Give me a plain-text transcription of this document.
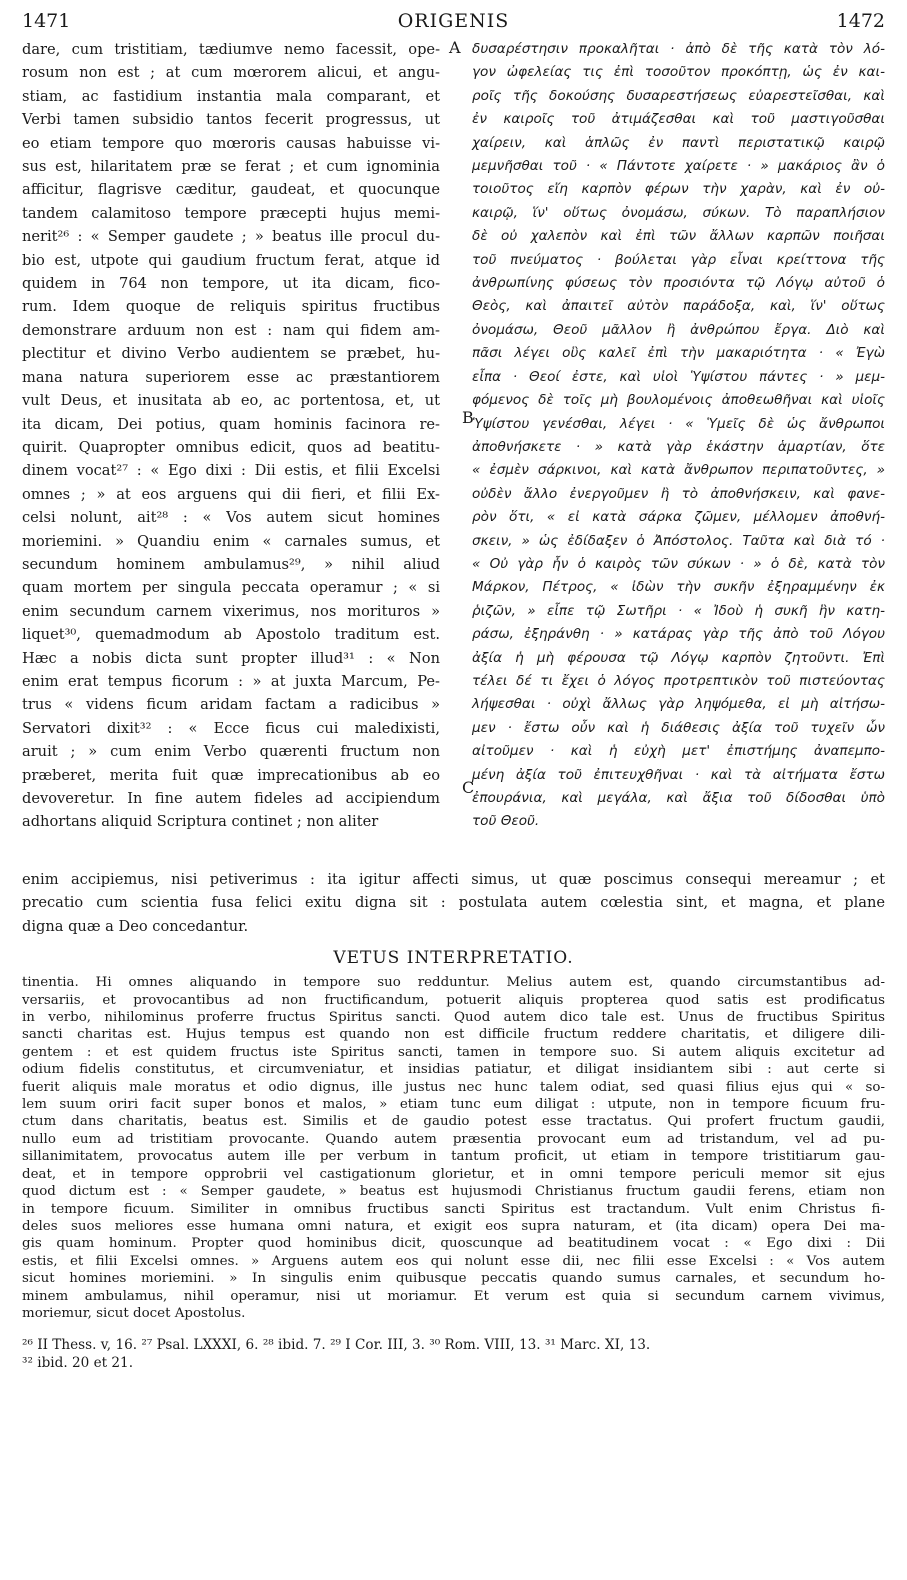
1471	ORIGENIS	1472
dare, cum tristitiam, tædiumve nemo facessit, ope-
rosum non est ; at cum mœrorem alicui, et angu-
stiam, ac fastidium instantia mala comparant, et
Verbi tamen subsidio tantos fecerit progressus, ut
eo etiam tempore quo mœroris causas habuisse vi-
sus est, hilaritatem præ se ferat ; et cum ignominia
afficitur, flagrisve cæditur, gaudeat, et quocunque
tandem calamitoso tempore præcepti hujus memi-
nerit²⁶ : « Semper gaudete ; » beatus ille procul du-
bio est, utpote qui gaudium fructum ferat, atque id
quidem in 764 non tempore, ut ita dicam, fico-
rum. Idem quoque de reliquis spiritus fructibus
demonstrare arduum non est : nam qui fidem am-
plectitur et divino Verbo audientem se præbet, hu-
mana natura superiorem esse ac præstantiorem
vult Deus, et inusitata ab eo, ac portentosa, et, ut
ita dicam, Dei potius, quam hominis facinora re-
quirit. Quapropter omnibus edicit, quos ad beatitu-
dinem vocat²⁷ : « Ego dixi : Dii estis, et filii Excelsi
omnes ; » at eos arguens qui dii fieri, et filii Ex-
celsi nolunt, ait²⁸ : « Vos autem sicut homines
moriemini. » Quandiu enim « carnales sumus, et
secundum hominem ambulamus²⁹, » nihil aliud
quam mortem per singula peccata operamur ; « si
enim secundum carnem vixerimus, nos morituros »
liquet³⁰, quemadmodum ab Apostolo traditum est.
Hæc a nobis dicta sunt propter illud³¹ : « Non
enim erat tempus ficorum : » at juxta Marcum, Pe-
trus « videns ficum aridam factam a radicibus »
Servatori dixit³² : « Ecce ficus cui maledixisti,
aruit ; » cum enim Verbo quærenti fructum non
præberet, merita fuit quæ imprecationibus ab eo
devoveretur. In fine autem fideles ad accipiendum
adhortans aliquid Scriptura continet ; non aliter
A
B
C
δυσαρέστησιν προκαλῆται · ἀπὸ δὲ τῆς κατὰ τὸν λό-
γον ὠφελείας τις ἐπὶ τοσοῦτον προκόπτῃ, ὡς ἐν και-
ροῖς τῆς δοκούσης δυσαρεστήσεως εὐαρεστεῖσθαι, καὶ
ἐν καιροῖς τοῦ ἀτιμάζεσθαι καὶ τοῦ μαστιγοῦσθαι
χαίρειν, καὶ ἁπλῶς ἐν παντὶ περιστατικῷ καιρῷ
μεμνῆσθαι τοῦ · « Πάντοτε χαίρετε · » μακάριος ἂν ὁ
τοιοῦτος εἴη καρπὸν φέρων τὴν χαρὰν, καὶ ἐν οὐ-
καιρῷ, ἵν' οὕτως ὀνομάσω, σύκων. Τὸ παραπλήσιον
δὲ οὐ χαλεπὸν καὶ ἐπὶ τῶν ἄλλων καρπῶν ποιῆσαι
τοῦ πνεύματος · βούλεται γὰρ εἶναι κρείττονα τῆς
ἀνθρωπίνης φύσεως τὸν προσιόντα τῷ Λόγῳ αὐτοῦ ὁ
Θεὸς, καὶ ἀπαιτεῖ αὐτὸν παράδοξα, καὶ, ἵν' οὕτως
ὀνομάσω, Θεοῦ μᾶλλον ἢ ἀνθρώπου ἔργα. Διὸ καὶ
πᾶσι λέγει οὓς καλεῖ ἐπὶ τὴν μακαριότητα · « Ἐγὼ
εἶπα · Θεοί ἐστε, καὶ υἱοὶ Ὑψίστου πάντες · » μεμ-
φόμενος δὲ τοῖς μὴ βουλομένοις ἀποθεωθῆναι καὶ υἱοῖς
Ὑψίστου γενέσθαι, λέγει · « Ὑμεῖς δὲ ὡς ἄνθρωποι
ἀποθνήσκετε · » κατὰ γὰρ ἑκάστην ἁμαρτίαν, ὅτε
« ἐσμὲν σάρκινοι, καὶ κατὰ ἄνθρωπον περιπατοῦντες, »
οὐδὲν ἄλλο ἐνεργοῦμεν ἢ τὸ ἀποθνήσκειν, καὶ φανε-
ρὸν ὅτι, « εἰ κατὰ σάρκα ζῶμεν, μέλλομεν ἀποθνή-
σκειν, » ὡς ἐδίδαξεν ὁ Ἀπόστολος. Ταῦτα καὶ διὰ τό ·
« Οὐ γὰρ ἦν ὁ καιρὸς τῶν σύκων · » ὁ δὲ, κατὰ τὸν
Μάρκον, Πέτρος, « ἰδὼν τὴν συκῆν ἐξηραμμένην ἐκ
ῥιζῶν, » εἶπε τῷ Σωτῆρι · « Ἰδοὺ ἡ συκῆ ἣν κατη-
ράσω, ἐξηράνθη · » κατάρας γὰρ τῆς ἀπὸ τοῦ Λόγου
ἀξία ἡ μὴ φέρουσα τῷ Λόγῳ καρπὸν ζητοῦντι. Ἐπὶ
τέλει δέ τι ἔχει ὁ λόγος προτρεπτικὸν τοῦ πιστεύοντας
λήψεσθαι · οὐχὶ ἄλλως γὰρ ληψόμεθα, εἰ μὴ αἰτήσω-
μεν · ἔστω οὖν καὶ ἡ διάθεσις ἀξία τοῦ τυχεῖν ὧν
αἰτοῦμεν · καὶ ἡ εὐχὴ μετ' ἐπιστήμης ἀναπεμπο-
μένη ἀξία τοῦ ἐπιτευχθῆναι · καὶ τὰ αἰτήματα ἔστω
ἐπουράνια, καὶ μεγάλα, καὶ ἄξια τοῦ δίδοσθαι ὑπὸ
τοῦ Θεοῦ.
enim accipiemus, nisi petiverimus : ita igitur affecti simus, ut quæ poscimus consequi mereamur ; et
precatio cum scientia fusa felici exitu digna sit : postulata autem cœlestia sint, et magna, et plane
digna quæ a Deo concedantur.
VETUS INTERPRETATIO.
tinentia. Hi omnes aliquando in tempore suo redduntur. Melius autem est, quando circumstantibus ad-
versariis, et provocantibus ad non fructificandum, potuerit aliquis propterea quod satis est prodificatus
in verbo, nihilominus proferre fructus Spiritus sancti. Quod autem dico tale est. Unus de fructibus Spiritus
sancti charitas est. Hujus tempus est quando non est difficile fructum reddere charitatis, et diligere dili-
gentem : et est quidem fructus iste Spiritus sancti, tamen in tempore suo. Si autem aliquis excitetur ad
odium fidelis constitutus, et circumveniatur, et insidias patiatur, et diligat insidiantem sibi : aut certe si
fuerit aliquis male moratus et odio dignus, ille justus nec hunc talem odiat, sed quasi filius ejus qui « so-
lem suum oriri facit super bonos et malos, » etiam tunc eum diligat : utpute, non in tempore ficuum fru-
ctum dans charitatis, beatus est. Similis et de gaudio potest esse tractatus. Qui profert fructum gaudii,
nullo eum ad tristitiam provocante. Quando autem præsentia provocant eum ad tristandum, vel ad pu-
sillanimitatem, provocatus autem ille per verbum in tantum proficit, ut etiam in tempore tristitiarum gau-
deat, et in tempore opprobrii vel castigationum glorietur, et in omni tempore periculi memor sit ejus
quod dictum est : « Semper gaudete, » beatus est hujusmodi Christianus fructum gaudii ferens, etiam non
in tempore ficuum. Similiter in omnibus fructibus sancti Spiritus est tractandum. Vult enim Christus fi-
deles suos meliores esse humana omni natura, et exigit eos supra naturam, et (ita dicam) opera Dei ma-
gis quam hominum. Propter quod hominibus dicit, quoscunque ad beatitudinem vocat : « Ego dixi : Dii
estis, et filii Excelsi omnes. » Arguens autem eos qui nolunt esse dii, nec filii esse Excelsi : « Vos autem
sicut homines moriemini. » In singulis enim quibusque peccatis quando sumus carnales, et secundum ho-
minem ambulamus, nihil operamur, nisi ut moriamur. Et verum est quia si secundum carnem vivimus,
moriemur, sicut docet Apostolus.
²⁶ II Thess. v, 16. ²⁷ Psal. LXXXI, 6. ²⁸ ibid. 7. ²⁹ I Cor. III, 3. ³⁰ Rom. VIII, 13. ³¹ Marc. XI, 13.
³² ibid. 20 et 21.
